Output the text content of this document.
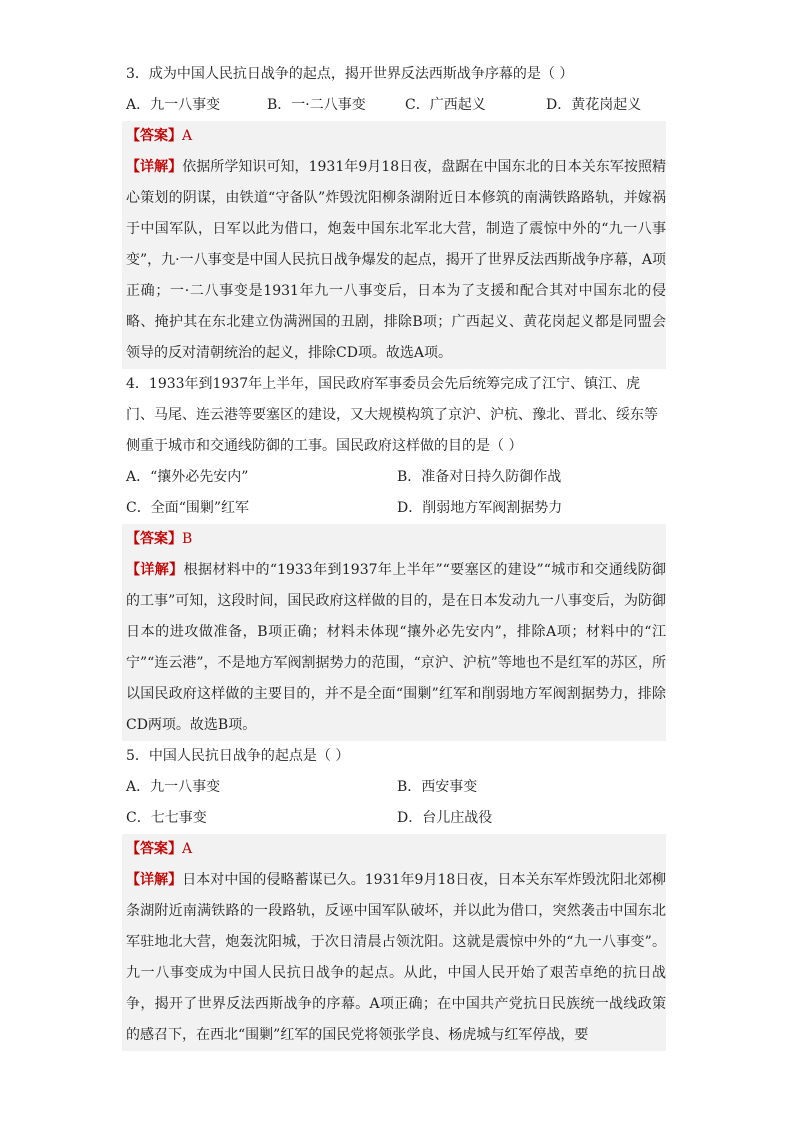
3．成为中国人民抗日战争的起点，揭开世界反法西斯战争序幕的是（ ）

A．九一八事变	B．一·二八事变	C．广西起义	D．黄花岗起义

【答案】A

【详解】依据所学知识可知，1931年9月18日夜，盘踞在中国东北的日本关东军按照精心策划的阴谋，由铁道“守备队”炸毁沈阳柳条湖附近日本修筑的南满铁路路轨，并嫁祸于中国军队，日军以此为借口，炮轰中国东北军北大营，制造了震惊中外的“九一八事变”，九·一八事变是中国人民抗日战争爆发的起点，揭开了世界反法西斯战争序幕，A项正确；一·二八事变是1931年九一八事变后，日本为了支援和配合其对中国东北的侵略、掩护其在东北建立伪满洲国的丑剧，排除B项；广西起义、黄花岗起义都是同盟会领导的反对清朝统治的起义，排除CD项。故选A项。

4．1933年到1937年上半年，国民政府军事委员会先后统筹完成了江宁、镇江、虎门、马尾、连云港等要塞区的建设，又大规模构筑了京沪、沪杭、豫北、晋北、绥东等侧重于城市和交通线防御的工事。国民政府这样做的目的是（ ）

A．“攘外必先安内”	B．准备对日持久防御作战
C．全面“围剿”红军	D．削弱地方军阀割据势力

【答案】B

【详解】根据材料中的“1933年到1937年上半年”“要塞区的建设”“城市和交通线防御的工事”可知，这段时间，国民政府这样做的目的，是在日本发动九一八事变后，为防御日本的进攻做准备，B项正确；材料未体现“攘外必先安内”，排除A项；材料中的“江宁”“连云港”，不是地方军阀割据势力的范围，“京沪、沪杭”等地也不是红军的苏区，所以国民政府这样做的主要目的，并不是全面“围剿”红军和削弱地方军阀割据势力，排除CD两项。故选B项。

5．中国人民抗日战争的起点是（ ）

A．九一八事变	B．西安事变
C．七七事变	D．台儿庄战役

【答案】A

【详解】日本对中国的侵略蓄谋已久。1931年9月18日夜，日本关东军炸毁沈阳北郊柳条湖附近南满铁路的一段路轨，反诬中国军队破坏，并以此为借口，突然袭击中国东北军驻地北大营，炮轰沈阳城，于次日清晨占领沈阳。这就是震惊中外的“九一八事变”。九一八事变成为中国人民抗日战争的起点。从此，中国人民开始了艰苦卓绝的抗日战争，揭开了世界反法西斯战争的序幕。A项正确；在中国共产党抗日民族统一战线政策的感召下，在西北“围剿”红军的国民党将领张学良、杨虎城与红军停战，要
